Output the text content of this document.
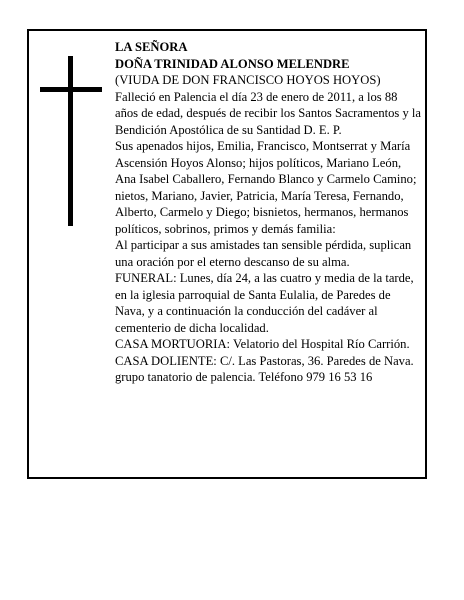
LA SEÑORA

DOÑA TRINIDAD ALONSO MELENDRE

(VIUDA DE DON FRANCISCO HOYOS HOYOS)

Falleció en Palencia el día 23 de enero de 2011, a los 88 años de edad, después de recibir los Santos Sacramentos y la Bendición Apostólica de su Santidad D. E. P.

Sus apenados hijos, Emilia, Francisco, Montserrat y María Ascensión Hoyos Alonso; hijos políticos, Mariano León, Ana Isabel Caballero, Fernando Blanco y Carmelo Camino; nietos, Mariano, Javier, Patricia, María Teresa, Fernando, Alberto, Carmelo y Diego; bisnietos, hermanos, hermanos políticos, sobrinos, primos y demás familia:

Al participar a sus amistades tan sensible pérdida, suplican una oración por el eterno descanso de su alma.

FUNERAL: Lunes, día 24, a las cuatro y media de la tarde, en la iglesia parroquial de Santa Eulalia, de Paredes de Nava, y a continuación la conducción del cadáver al cementerio de dicha localidad.

CASA MORTUORIA: Velatorio del Hospital Río Carrión.

CASA DOLIENTE: C/. Las Pastoras, 36. Paredes de Nava.

grupo tanatorio de palencia. Teléfono 979 16 53 16
